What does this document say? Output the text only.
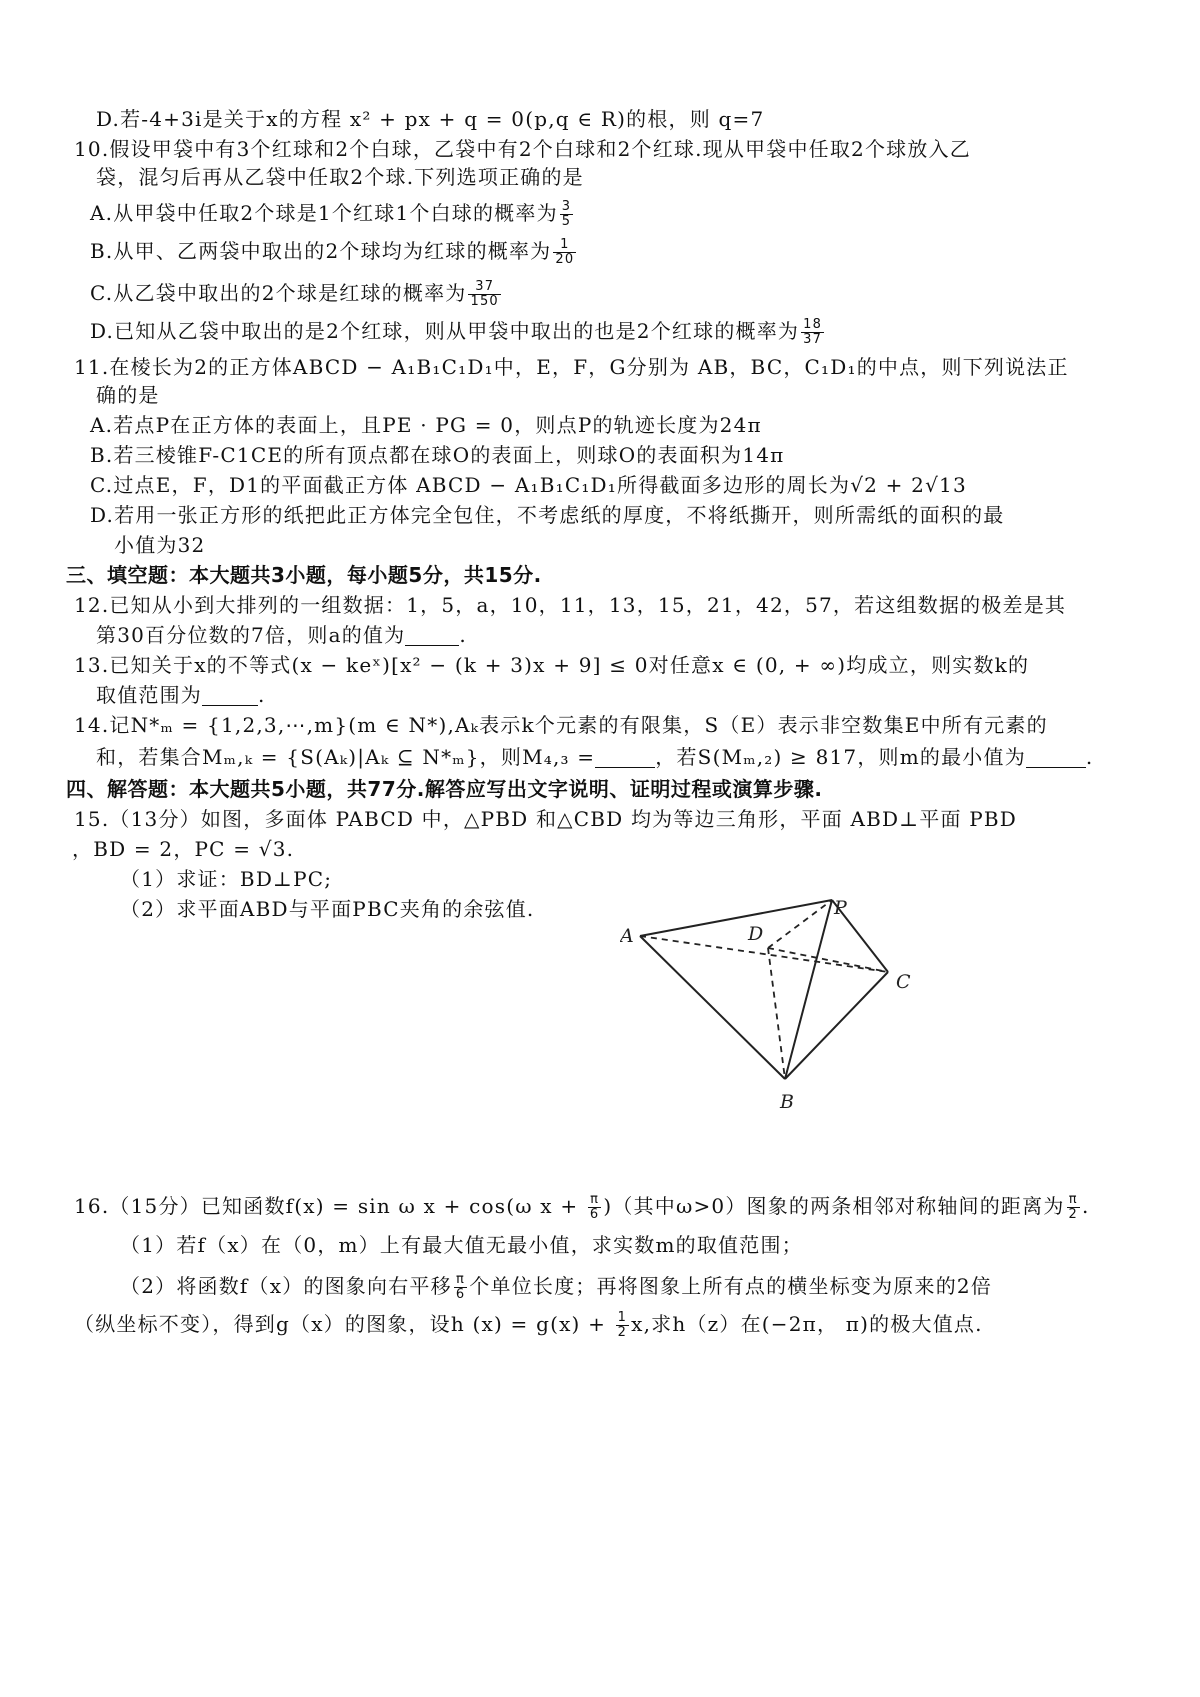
D.若-4+3i是关于x的方程 x² + px + q = 0(p,q ∈ R)的根，则 q=7
10.假设甲袋中有3个红球和2个白球，乙袋中有2个白球和2个红球.现从甲袋中任取2个球放入乙
袋，混匀后再从乙袋中任取2个球.下列选项正确的是
A.从甲袋中任取2个球是1个红球1个白球的概率为 $\frac{3}{5}$
B.从甲、乙两袋中取出的2个球均为红球的概率为 $\frac{1}{20}$
C.从乙袋中取出的2个球是红球的概率为 $\frac{37}{150}$
D.已知从乙袋中取出的是2个红球，则从甲袋中取出的也是2个红球的概率为 $\frac{18}{37}$
11.在棱长为2的正方体ABCD − A₁B₁C₁D₁中，E，F，G分别为 AB，BC，C₁D₁的中点，则下列说法正
确的是
A.若点P在正方体的表面上，且PE · PG = 0，则点P的轨迹长度为24π
B.若三棱锥F-C1CE的所有顶点都在球O的表面上，则球O的表面积为14π
C.过点E，F，D1的平面截正方体 ABCD − A₁B₁C₁D₁所得截面多边形的周长为√2 + 2√13
D.若用一张正方形的纸把此正方体完全包住，不考虑纸的厚度，不将纸撕开，则所需纸的面积的最
小值为32
三、填空题：本大题共3小题，每小题5分，共15分.
12.已知从小到大排列的一组数据：1，5，a，10，11，13，15，21，42，57，若这组数据的极差是其
第30百分位数的7倍，则a的值为	.
13.已知关于x的不等式(x − keˣ)[x² − (k + 3)x + 9] ≤ 0对任意x ∈ (0, + ∞)均成立，则实数k的
取值范围为	.
14.记N*ₘ = {1,2,3,⋯,m}(m ∈ N*),Aₖ表示k个元素的有限集，S（E）表示非空数集E中所有元素的
和，若集合Mₘ,ₖ = {S(Aₖ)|Aₖ ⊆ N*ₘ}，则M₄,₃ =	，若S(Mₘ,₂) ≥ 817，则m的最小值为	.
四、解答题：本大题共5小题，共77分.解答应写出文字说明、证明过程或演算步骤.
15.（13分）如图，多面体 PABCD 中，△PBD 和△CBD 均为等边三角形，平面 ABD⊥平面 PBD
，BD = 2，PC = √3.
（1）求证：BD⊥PC;
（2）求平面ABD与平面PBC夹角的余弦值.
A
P
D
C
B
16.（15分）已知函数f(x) = sin ω x + cos(ω $x + \frac{\pi}{6}$ )（其中ω>0）图象的两条相邻对称轴间的距离为 $\frac{\pi}{2}$ .
（1）若f（x）在（0，m）上有最大值无最小值，求实数m的取值范围；
（2）将函数f（x）的图象向右平移 $\frac{\pi}{6}$ 个单位长度；再将图象上所有点的横坐标变为原来的2倍
（纵坐标不变），得到g（x）的图象，设h $(x) = g(x) + \frac{1}{2} x$,求h（z）在(−2π， π)的极大值点.
